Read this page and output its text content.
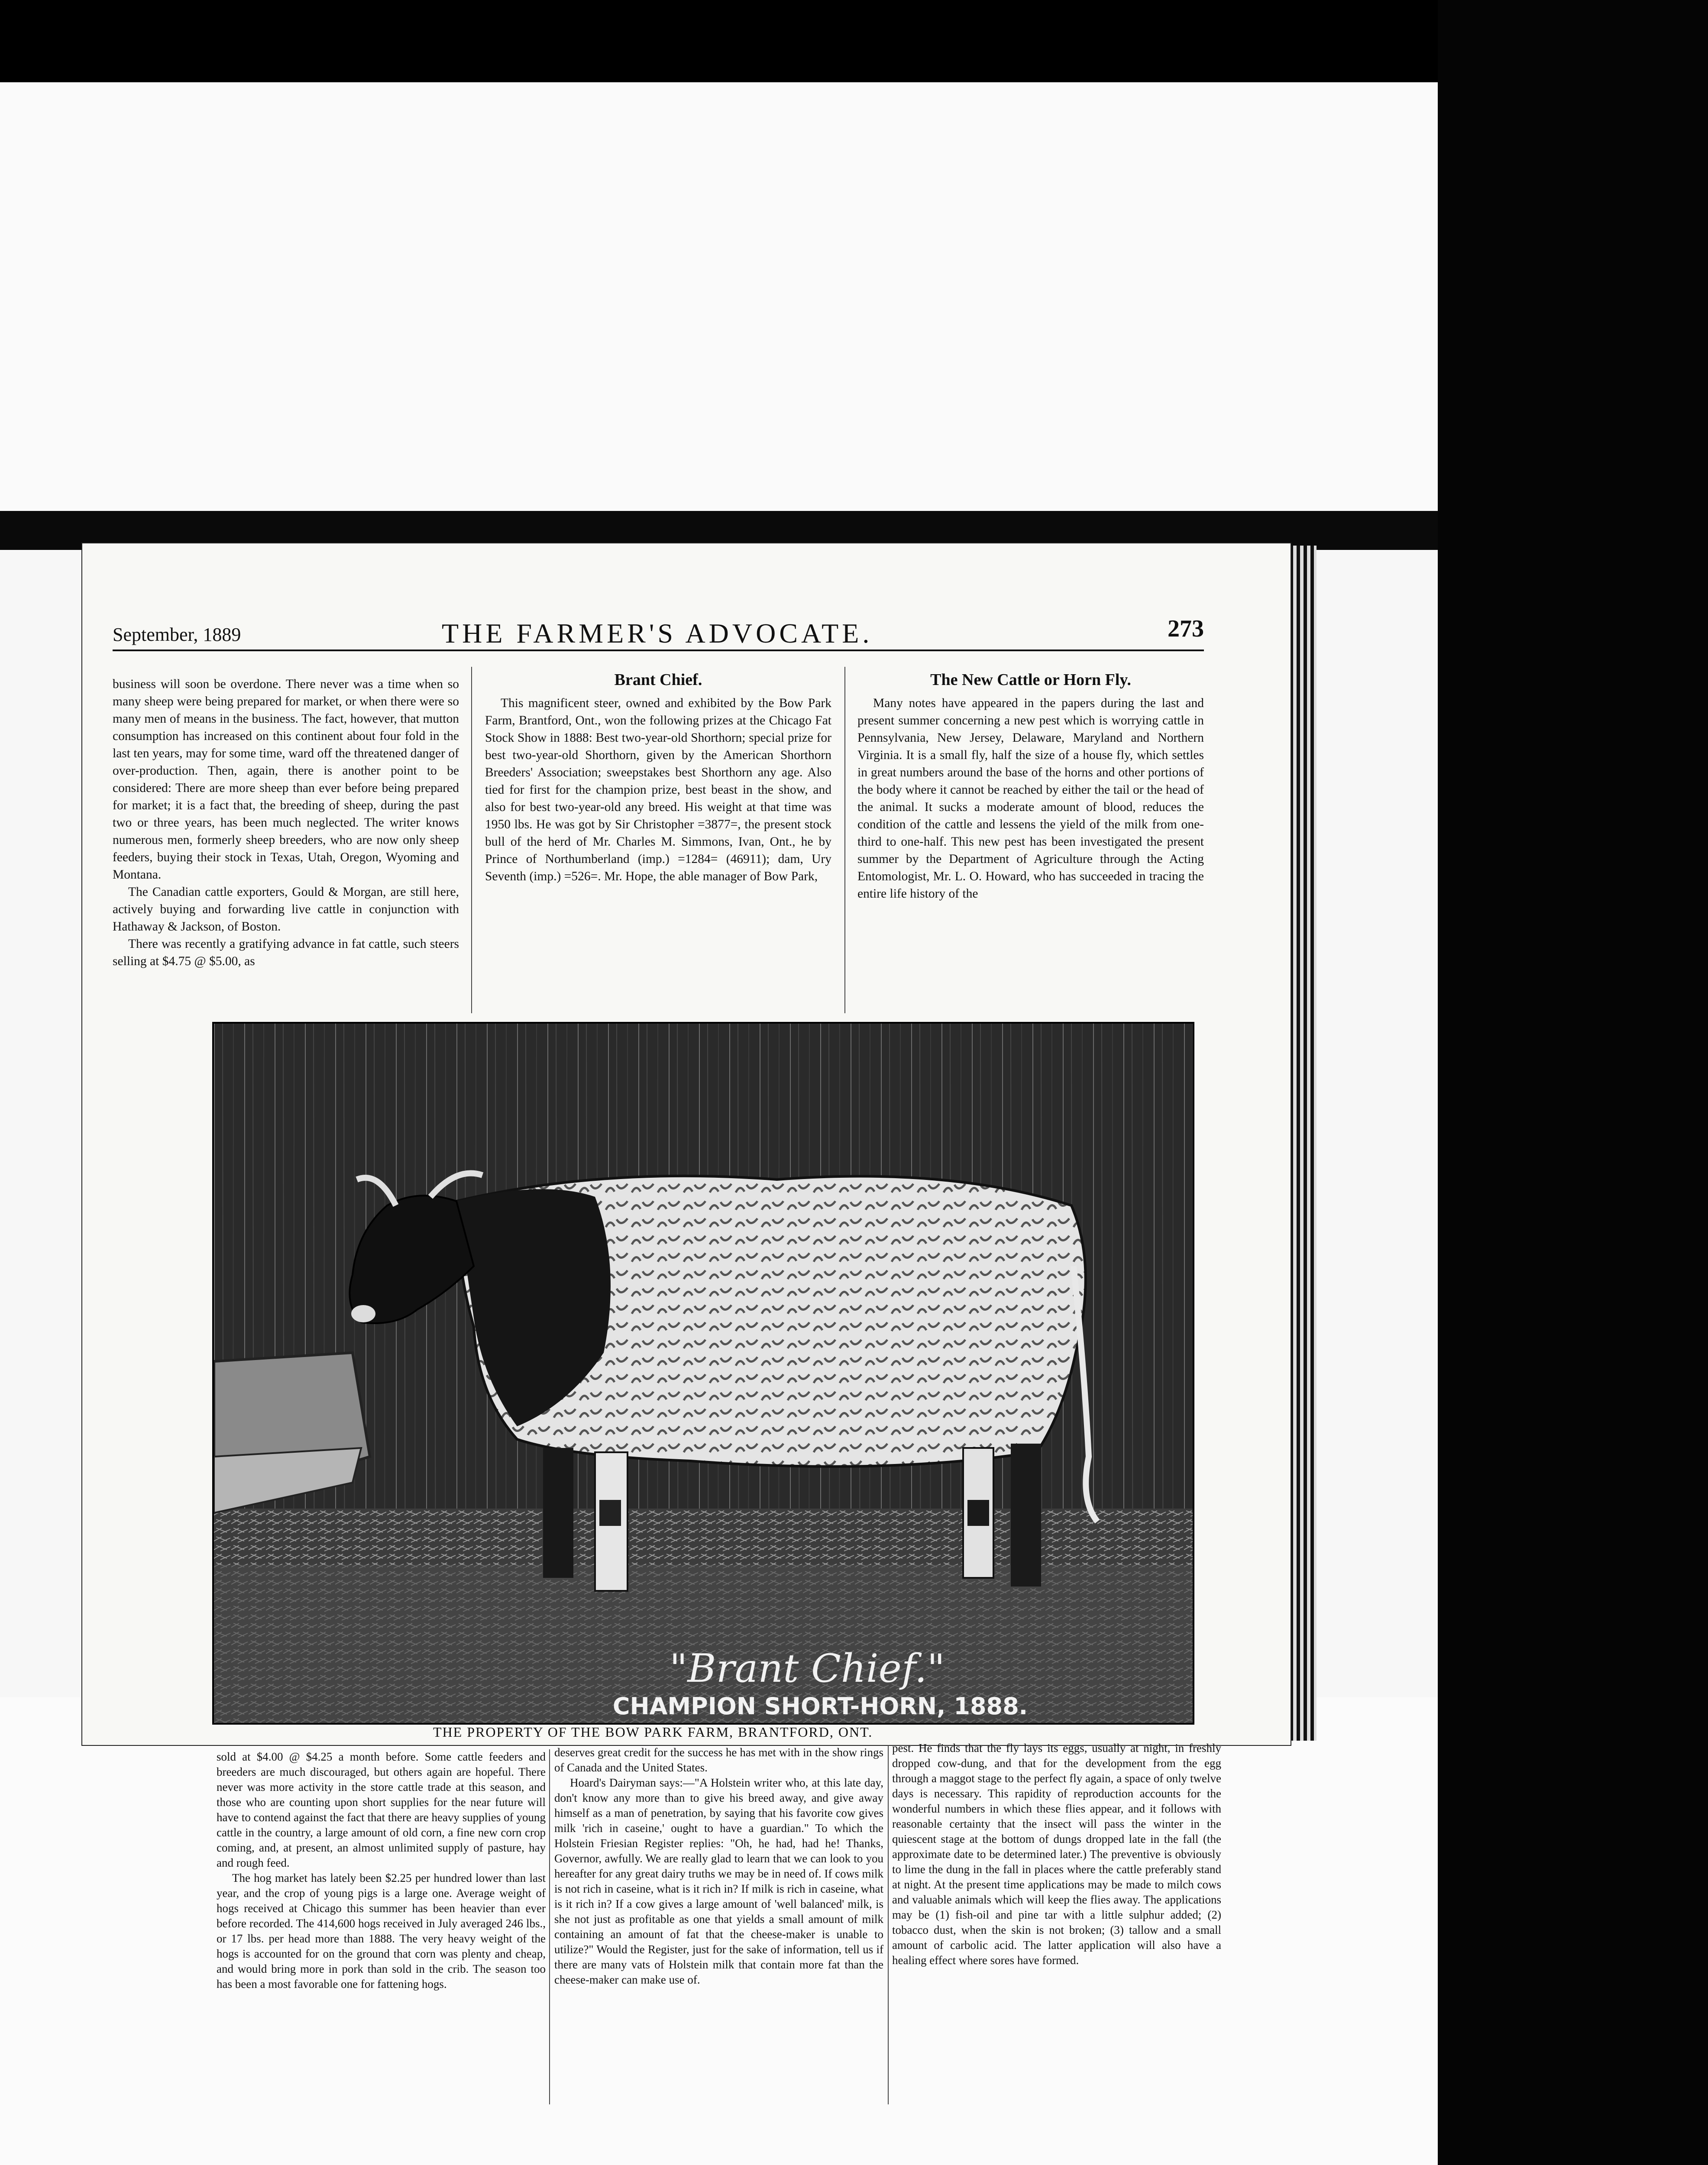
September, 1889	THE FARMER'S ADVOCATE.	273

business will soon be overdone. There never was a time when so many sheep were being prepared for market, or when there were so many men of means in the business. The fact, however, that mutton consumption has increased on this continent about four fold in the last ten years, may for some time, ward off the threatened danger of over-production. Then, again, there is another point to be considered: There are more sheep than ever before being prepared for market; it is a fact that, the breeding of sheep, during the past two or three years, has been much neglected. The writer knows numerous men, formerly sheep breeders, who are now only sheep feeders, buying their stock in Texas, Utah, Oregon, Wyoming and Montana.

The Canadian cattle exporters, Gould & Morgan, are still here, actively buying and forwarding live cattle in conjunction with Hathaway & Jackson, of Boston.

There was recently a gratifying advance in fat cattle, such steers selling at $4.75 @ $5.00, as

Brant Chief.

This magnificent steer, owned and exhibited by the Bow Park Farm, Brantford, Ont., won the following prizes at the Chicago Fat Stock Show in 1888: Best two-year-old Shorthorn; special prize for best two-year-old Shorthorn, given by the American Shorthorn Breeders' Association; sweepstakes best Shorthorn any age. Also tied for first for the champion prize, best beast in the show, and also for best two-year-old any breed. His weight at that time was 1950 lbs. He was got by Sir Christopher =3877=, the present stock bull of the herd of Mr. Charles M. Simmons, Ivan, Ont., he by Prince of Northumberland (imp.) =1284= (46911); dam, Ury Seventh (imp.) =526=. Mr. Hope, the able manager of Bow Park,

The New Cattle or Horn Fly.

Many notes have appeared in the papers during the last and present summer concerning a new pest which is worrying cattle in Pennsylvania, New Jersey, Delaware, Maryland and Northern Virginia. It is a small fly, half the size of a house fly, which settles in great numbers around the base of the horns and other portions of the body where it cannot be reached by either the tail or the head of the animal. It sucks a moderate amount of blood, reduces the condition of the cattle and lessens the yield of the milk from one-third to one-half. This new pest has been investigated the present summer by the Department of Agriculture through the Acting Entomologist, Mr. L. O. Howard, who has succeeded in tracing the entire life history of the

"Brant Chief."
CHAMPION SHORT-HORN, 1888.
THE PROPERTY OF THE BOW PARK FARM, BRANTFORD, ONT.

sold at $4.00 @ $4.25 a month before. Some cattle feeders and breeders are much discouraged, but others again are hopeful. There never was more activity in the store cattle trade at this season, and those who are counting upon short supplies for the near future will have to contend against the fact that there are heavy supplies of young cattle in the country, a large amount of old corn, a fine new corn crop coming, and, at present, an almost unlimited supply of pasture, hay and rough feed.

The hog market has lately been $2.25 per hundred lower than last year, and the crop of young pigs is a large one. Average weight of hogs received at Chicago this summer has been heavier than ever before recorded. The 414,600 hogs received in July averaged 246 lbs., or 17 lbs. per head more than 1888. The very heavy weight of the hogs is accounted for on the ground that corn was plenty and cheap, and would bring more in pork than sold in the crib. The season too has been a most favorable one for fattening hogs.

deserves great credit for the success he has met with in the show rings of Canada and the United States.

Hoard's Dairyman says:—"A Holstein writer who, at this late day, don't know any more than to give his breed away, and give away himself as a man of penetration, by saying that his favorite cow gives milk 'rich in caseine,' ought to have a guardian." To which the Holstein Friesian Register replies: "Oh, he had, had he! Thanks, Governor, awfully. We are really glad to learn that we can look to you hereafter for any great dairy truths we may be in need of. If cows milk is not rich in caseine, what is it rich in? If milk is rich in caseine, what is it rich in? If a cow gives a large amount of 'well balanced' milk, is she not just as profitable as one that yields a small amount of milk containing an amount of fat that the cheese-maker is unable to utilize?" Would the Register, just for the sake of information, tell us if there are many vats of Holstein milk that contain more fat than the cheese-maker can make use of.

pest. He finds that the fly lays its eggs, usually at night, in freshly dropped cow-dung, and that for the development from the egg through a maggot stage to the perfect fly again, a space of only twelve days is necessary. This rapidity of reproduction accounts for the wonderful numbers in which these flies appear, and it follows with reasonable certainty that the insect will pass the winter in the quiescent stage at the bottom of dungs dropped late in the fall (the approximate date to be determined later.) The preventive is obviously to lime the dung in the fall in places where the cattle preferably stand at night. At the present time applications may be made to milch cows and valuable animals which will keep the flies away. The applications may be (1) fish-oil and pine tar with a little sulphur added; (2) tobacco dust, when the skin is not broken; (3) tallow and a small amount of carbolic acid. The latter application will also have a healing effect where sores have formed.
